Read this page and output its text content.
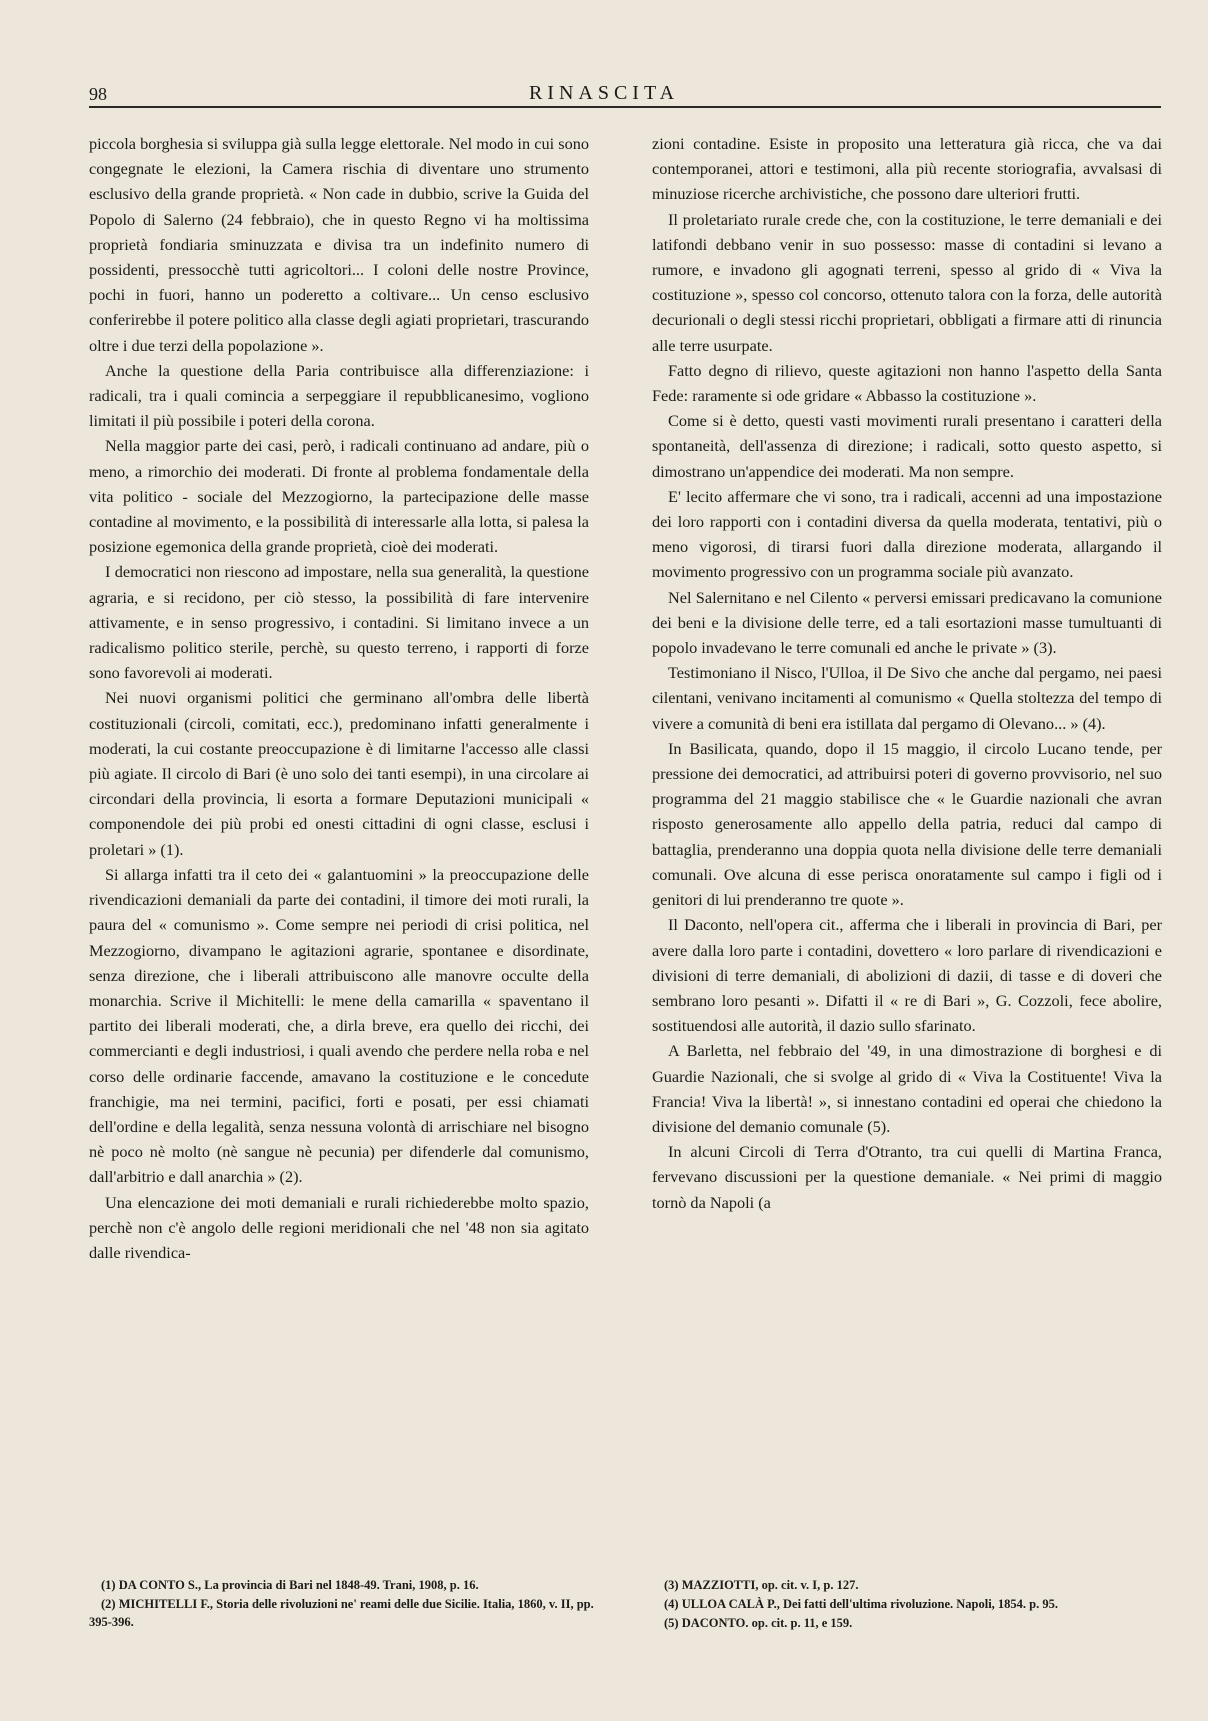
98	RINASCITA

piccola borghesia si sviluppa già sulla legge elettorale. Nel modo in cui sono congegnate le elezioni, la Camera rischia di diventare uno strumento esclusivo della grande proprietà. « Non cade in dubbio, scrive la Guida del Popolo di Salerno (24 febbraio), che in questo Regno vi ha moltissima proprietà fondiaria sminuzzata e divisa tra un indefinito numero di possidenti, pressocchè tutti agricoltori... I coloni delle nostre Province, pochi in fuori, hanno un poderetto a coltivare... Un censo esclusivo conferirebbe il potere politico alla classe degli agiati proprietari, trascurando oltre i due terzi della popolazione ».

Anche la questione della Paria contribuisce alla differenziazione: i radicali, tra i quali comincia a serpeggiare il repubblicanesimo, vogliono limitati il più possibile i poteri della corona.

Nella maggior parte dei casi, però, i radicali continuano ad andare, più o meno, a rimorchio dei moderati. Di fronte al problema fondamentale della vita politico - sociale del Mezzogiorno, la partecipazione delle masse contadine al movimento, e la possibilità di interessarle alla lotta, si palesa la posizione egemonica della grande proprietà, cioè dei moderati.

I democratici non riescono ad impostare, nella sua generalità, la questione agraria, e si recidono, per ciò stesso, la possibilità di fare intervenire attivamente, e in senso progressivo, i contadini. Si limitano invece a un radicalismo politico sterile, perchè, su questo terreno, i rapporti di forze sono favorevoli ai moderati.

Nei nuovi organismi politici che germinano all'ombra delle libertà costituzionali (circoli, comitati, ecc.), predominano infatti generalmente i moderati, la cui costante preoccupazione è di limitarne l'accesso alle classi più agiate. Il circolo di Bari (è uno solo dei tanti esempi), in una circolare ai circondari della provincia, li esorta a formare Deputazioni municipali « componendole dei più probi ed onesti cittadini di ogni classe, esclusi i proletari » (1).

Si allarga infatti tra il ceto dei « galantuomini » la preoccupazione delle rivendicazioni demaniali da parte dei contadini, il timore dei moti rurali, la paura del « comunismo ». Come sempre nei periodi di crisi politica, nel Mezzogiorno, divampano le agitazioni agrarie, spontanee e disordinate, senza direzione, che i liberali attribuiscono alle manovre occulte della monarchia. Scrive il Michitelli: le mene della camarilla « spaventano il partito dei liberali moderati, che, a dirla breve, era quello dei ricchi, dei commercianti e degli industriosi, i quali avendo che perdere nella roba e nel corso delle ordinarie faccende, amavano la costituzione e le concedute franchigie, ma nei termini, pacifici, forti e posati, per essi chiamati dell'ordine e della legalità, senza nessuna volontà di arrischiare nel bisogno nè poco nè molto (nè sangue nè pecunia) per difenderle dal comunismo, dall'arbitrio e dall anarchia » (2).

Una elencazione dei moti demaniali e rurali richiederebbe molto spazio, perchè non c'è angolo delle regioni meridionali che nel '48 non sia agitato dalle rivendica-

zioni contadine. Esiste in proposito una letteratura già ricca, che va dai contemporanei, attori e testimoni, alla più recente storiografia, avvalsasi di minuziose ricerche archivistiche, che possono dare ulteriori frutti.

Il proletariato rurale crede che, con la costituzione, le terre demaniali e dei latifondi debbano venir in suo possesso: masse di contadini si levano a rumore, e invadono gli agognati terreni, spesso al grido di « Viva la costituzione », spesso col concorso, ottenuto talora con la forza, delle autorità decurionali o degli stessi ricchi proprietari, obbligati a firmare atti di rinuncia alle terre usurpate.

Fatto degno di rilievo, queste agitazioni non hanno l'aspetto della Santa Fede: raramente si ode gridare « Abbasso la costituzione ».

Come si è detto, questi vasti movimenti rurali presentano i caratteri della spontaneità, dell'assenza di direzione; i radicali, sotto questo aspetto, si dimostrano un'appendice dei moderati. Ma non sempre.

E' lecito affermare che vi sono, tra i radicali, accenni ad una impostazione dei loro rapporti con i contadini diversa da quella moderata, tentativi, più o meno vigorosi, di tirarsi fuori dalla direzione moderata, allargando il movimento progressivo con un programma sociale più avanzato.

Nel Salernitano e nel Cilento « perversi emissari predicavano la comunione dei beni e la divisione delle terre, ed a tali esortazioni masse tumultuanti di popolo invadevano le terre comunali ed anche le private » (3).

Testimoniano il Nisco, l'Ulloa, il De Sivo che anche dal pergamo, nei paesi cilentani, venivano incitamenti al comunismo « Quella stoltezza del tempo di vivere a comunità di beni era istillata dal pergamo di Olevano... » (4).

In Basilicata, quando, dopo il 15 maggio, il circolo Lucano tende, per pressione dei democratici, ad attribuirsi poteri di governo provvisorio, nel suo programma del 21 maggio stabilisce che « le Guardie nazionali che avran risposto generosamente allo appello della patria, reduci dal campo di battaglia, prenderanno una doppia quota nella divisione delle terre demaniali comunali. Ove alcuna di esse perisca onoratamente sul campo i figli od i genitori di lui prenderanno tre quote ».

Il Daconto, nell'opera cit., afferma che i liberali in provincia di Bari, per avere dalla loro parte i contadini, dovettero « loro parlare di rivendicazioni e divisioni di terre demaniali, di abolizioni di dazii, di tasse e di doveri che sembrano loro pesanti ». Difatti il « re di Bari », G. Cozzoli, fece abolire, sostituendosi alle autorità, il dazio sullo sfarinato.

A Barletta, nel febbraio del '49, in una dimostrazione di borghesi e di Guardie Nazionali, che si svolge al grido di « Viva la Costituente! Viva la Francia! Viva la libertà! », si innestano contadini ed operai che chiedono la divisione del demanio comunale (5).

In alcuni Circoli di Terra d'Otranto, tra cui quelli di Martina Franca, fervevano discussioni per la questione demaniale. « Nei primi di maggio tornò da Napoli (a

(1) DA CONTO S., La provincia di Bari nel 1848-49. Trani, 1908, p. 16.

(2) MICHITELLI F., Storia delle rivoluzioni ne' reami delle due Sicilie. Italia, 1860, v. II, pp. 395-396.

(3) MAZZIOTTI, op. cit. v. I, p. 127.

(4) ULLOA CALÀ P., Dei fatti dell'ultima rivoluzione. Napoli, 1854. p. 95.

(5) DACONTO. op. cit. p. 11, e 159.
